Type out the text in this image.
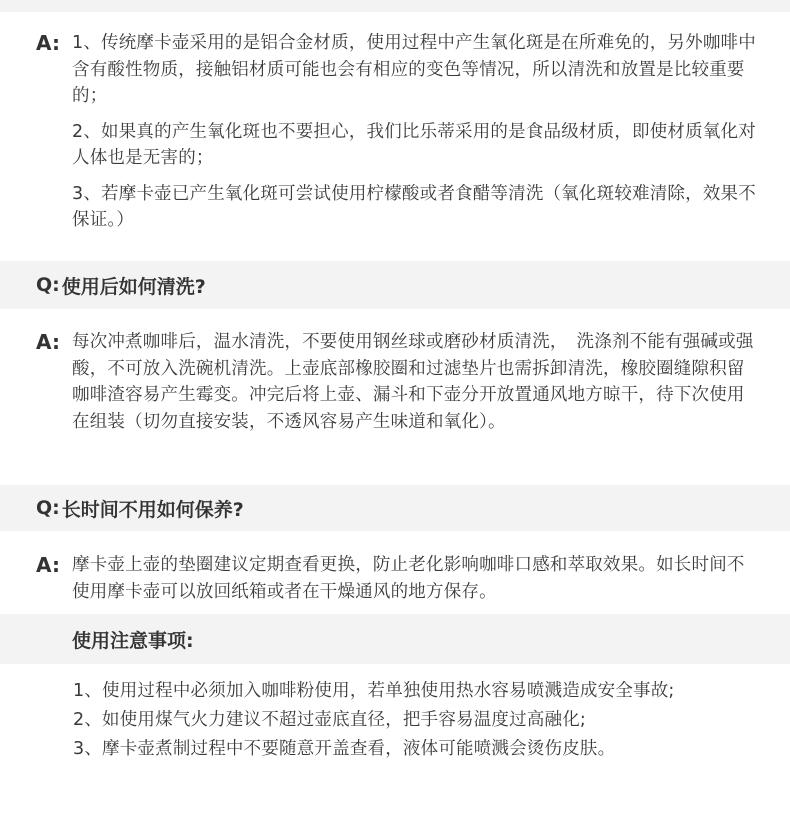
A: 1、传统摩卡壶采用的是铝合金材质，使用过程中产生氧化斑是在所难免的，另外咖啡中含有酸性物质，接触铝材质可能也会有相应的变色等情况，所以清洗和放置是比较重要的；

2、如果真的产生氧化斑也不要担心，我们比乐蒂采用的是食品级材质，即使材质氧化对人体也是无害的；

3、若摩卡壶已产生氧化斑可尝试使用柠檬酸或者食醋等清洗（氧化斑较难清除，效果不保证。）

Q: 使用后如何清洗?
A: 每次冲煮咖啡后，温水清洗，不要使用钢丝球或磨砂材质清洗，　洗涤剂不能有强碱或强酸，不可放入洗碗机清洗。上壶底部橡胶圈和过滤垫片也需拆卸清洗，橡胶圈缝隙积留咖啡渣容易产生霉变。冲完后将上壶、漏斗和下壶分开放置通风地方晾干，待下次使用在组装（切勿直接安装，不透风容易产生味道和氧化）。

Q: 长时间不用如何保养?
A: 摩卡壶上壶的垫圈建议定期查看更换，防止老化影响咖啡口感和萃取效果。如长时间不使用摩卡壶可以放回纸箱或者在干燥通风的地方保存。

使用注意事项:

1、使用过程中必须加入咖啡粉使用，若单独使用热水容易喷溅造成安全事故;

2、如使用煤气火力建议不超过壶底直径，把手容易温度过高融化;

3、摩卡壶煮制过程中不要随意开盖查看，液体可能喷溅会烫伤皮肤。
